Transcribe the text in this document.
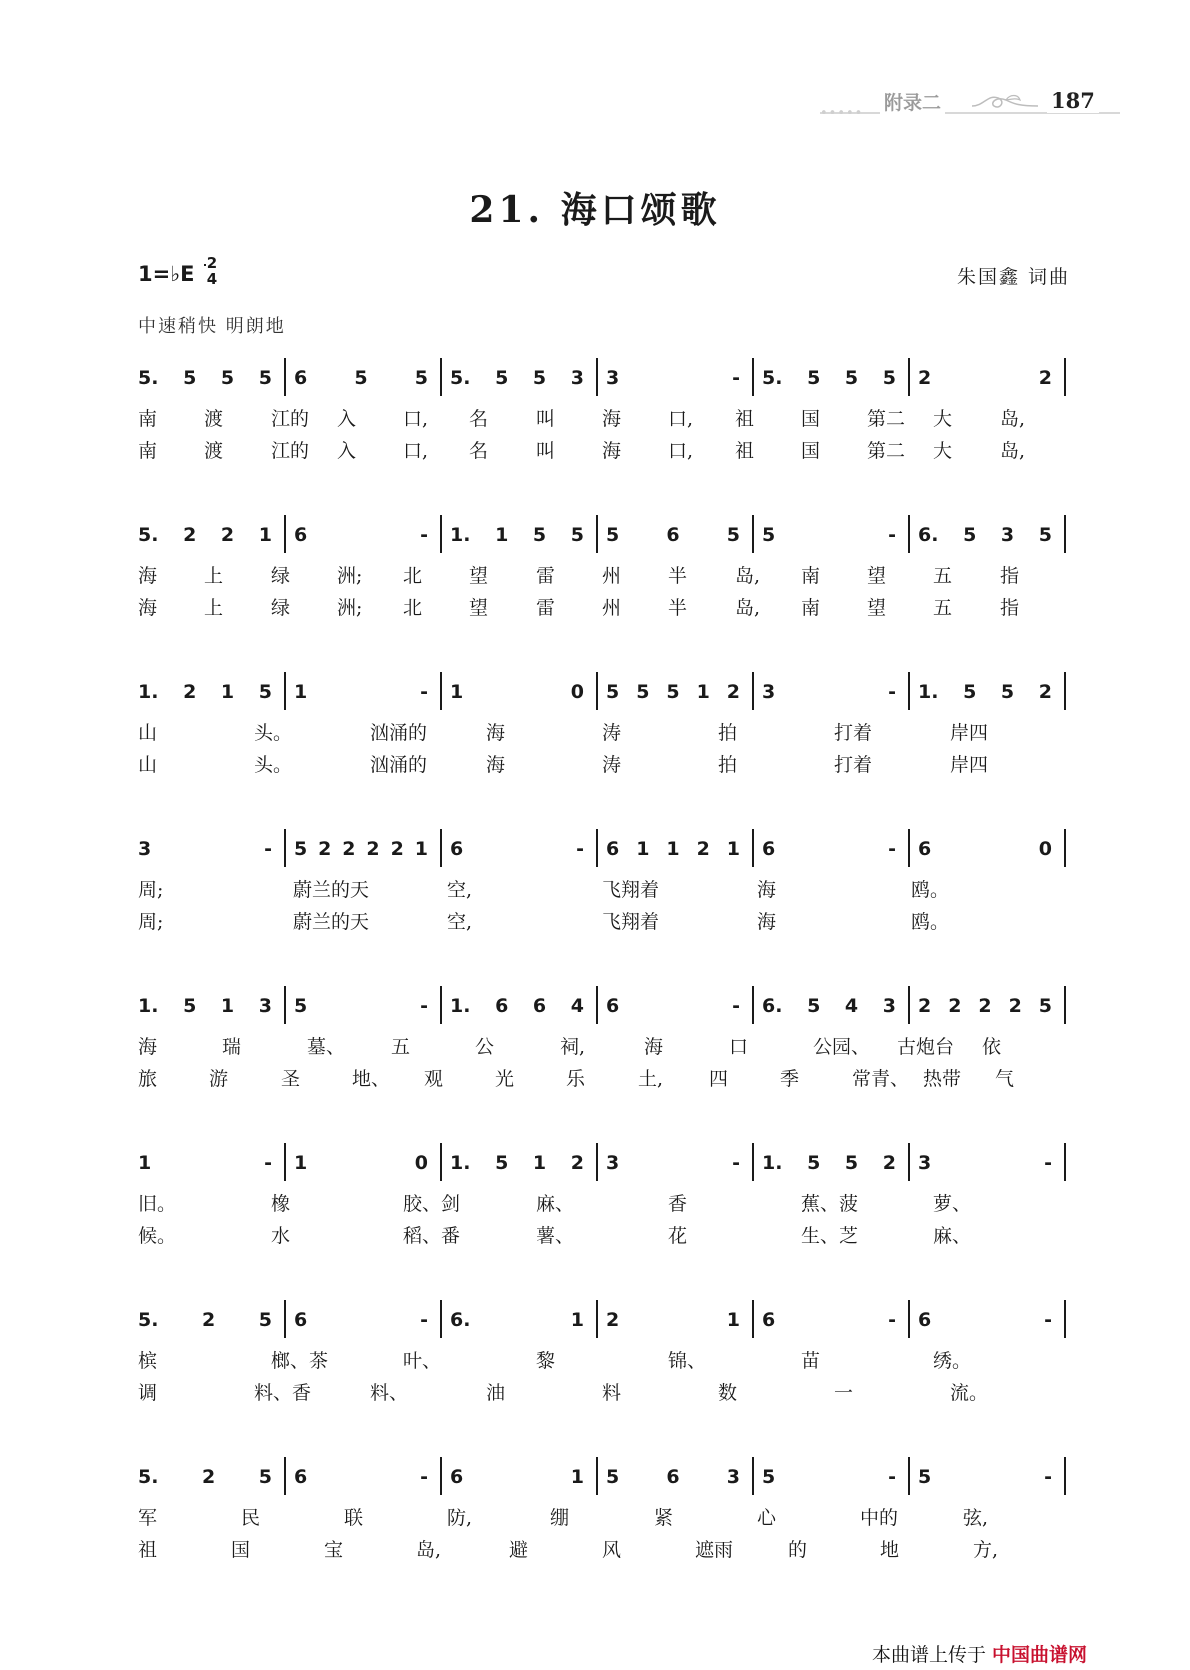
••••• 附录二	187
21. 海口颂歌
1=♭E 2
4	朱国鑫 词曲
中速稍快 明朗地
5. 5 5 5 6 5 5 5. 5 5 3 3	- 5. 5 5 5 2	2
南 渡	江的 入 口, 名	叫 海 口, 祖 国 第二 大	岛,
南 渡	江的 入 口, 名	叫 海 口, 祖 国 第二 大	岛,
5. 2 2 1 6	- 1. 1 5 5 5 6 5 5	- 6. 5 3 5
海 上	绿 洲; 北 望	雷 州 半	岛, 南 望 五	指
海 上	绿 洲; 北 望	雷 州 半	岛, 南 望 五	指
1. 2 1 5 1	- 1	0 5 5 5 1 2 3	- 1. 5 5 2
山	头。	汹涌的	海	涛	拍	打着	岸四
山	头。	汹涌的	海	涛	拍	打着	岸四
3	- 5 2 2 2 2 1 6	- 6 1 1 2 1 6	- 6	0
周;	蔚兰的天	空,	飞翔着	海	鸥。
周;	蔚兰的天	空,	飞翔着	海	鸥。
1. 5 1 3 5	- 1. 6 6 4 6	- 6. 5 4 3 2 2 2 2 5
海	瑞	墓、 五	公	祠,	海	口	公园、 古炮台 依
旅	游	圣	地、 观	光	乐	土, 四	季	常青、 热带 气
1	- 1	0 1. 5 1 2 3	- 1. 5 5 2 3	-
旧。	橡	胶、剑	麻、	香	蕉、菠	萝、
候。	水	稻、番	薯、	花	生、芝	麻、
5. 2 5 6	- 6.	1 2	1 6	- 6	-
槟	榔、茶	叶、	黎	锦、	苗	绣。
调	料、香	料、	油	料	数	一	流。
5. 2 5 6	- 6	1 5 6 3 5	- 5	-
军	民	联	防,	绷	紧	心	中的	弦,
祖	国	宝	岛,	避	风	遮雨	的	地	方,
本曲谱上传于 中国曲谱网
